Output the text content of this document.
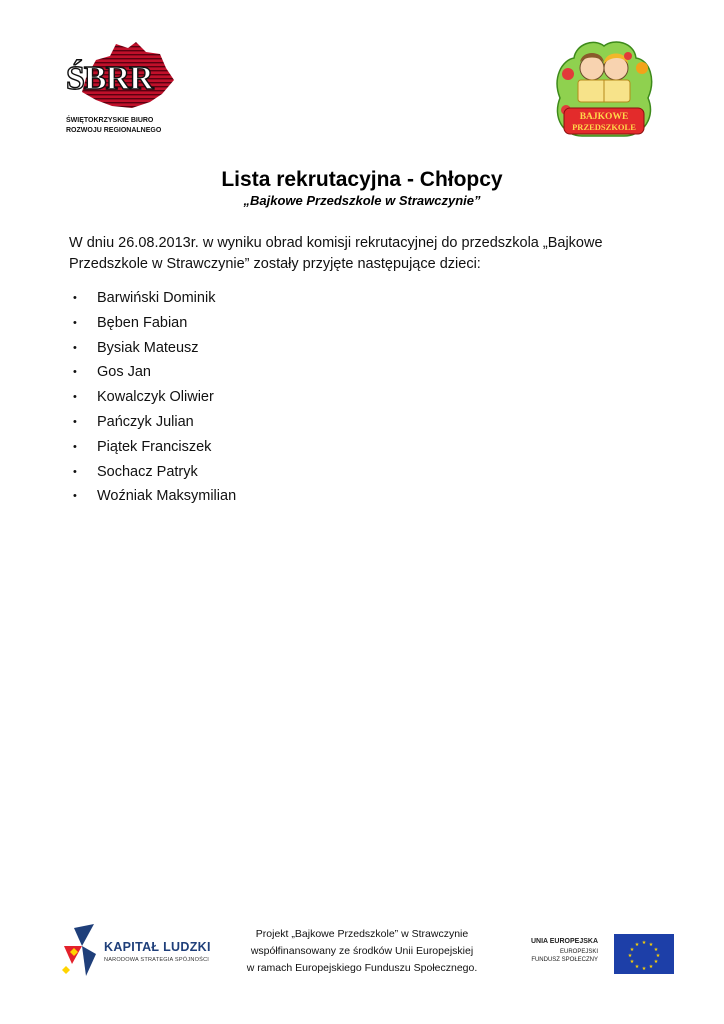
ŚBRR
ŚWIĘTOKRZYSKIE BIURO
ROZWOJU REGIONALNEGO
BAJKOWE
PRZEDSZKOLE
Lista rekrutacyjna - Chłopcy
„Bajkowe Przedszkole w Strawczynie”
W dniu 26.08.2013r. w wyniku obrad komisji rekrutacyjnej do przedszkola „Bajkowe Przedszkole w Strawczynie” zostały przyjęte następujące dzieci:
• Barwiński Dominik
• Bęben Fabian
• Bysiak Mateusz
• Gos Jan
• Kowalczyk Oliwier
• Pańczyk Julian
• Piątek Franciszek
• Sochacz Patryk
• Woźniak Maksymilian
KAPITAŁ LUDZKI
NARODOWA STRATEGIA SPÓJNOŚCI
Projekt „Bajkowe Przedszkole” w Strawczynie
współfinansowany ze środków Unii Europejskiej
w ramach Europejskiego Funduszu Społecznego.
UNIA EUROPEJSKA
EUROPEJSKI
FUNDUSZ SPOŁECZNY
★ ★
★
★
★
★
★
★
★
★
★
★
